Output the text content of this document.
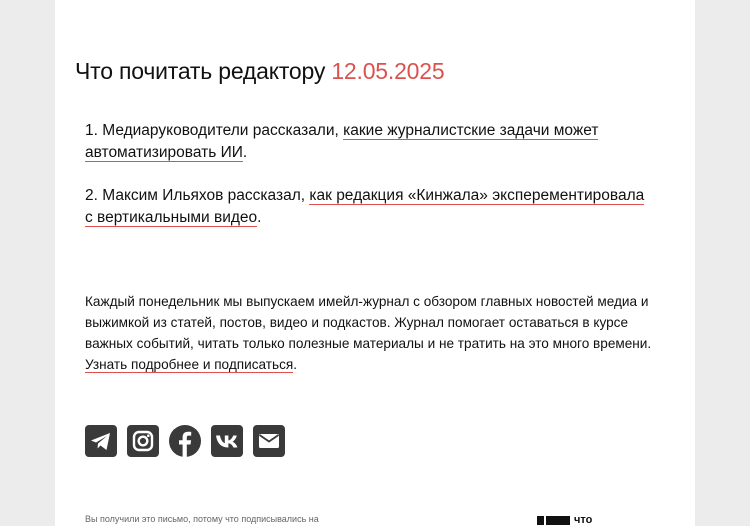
Что почитать редактору 12.05.2025

1. Медиаруководители рассказали, какие журналистские задачи может автоматизировать ИИ.

2. Максим Ильяхов рассказал, как редакция «Кинжала» эксперементировала с вертикальными видео.

Каждый понедельник мы выпускаем имейл-журнал с обзором главных новостей медиа и выжимкой из статей, постов, видео и подкастов. Журнал помогает оставаться в курсе важных событий, читать только полезные материалы и не тратить на это много времени. Узнать подробнее и подписаться.
Вы получили это письмо, потому что подписывались на	что
